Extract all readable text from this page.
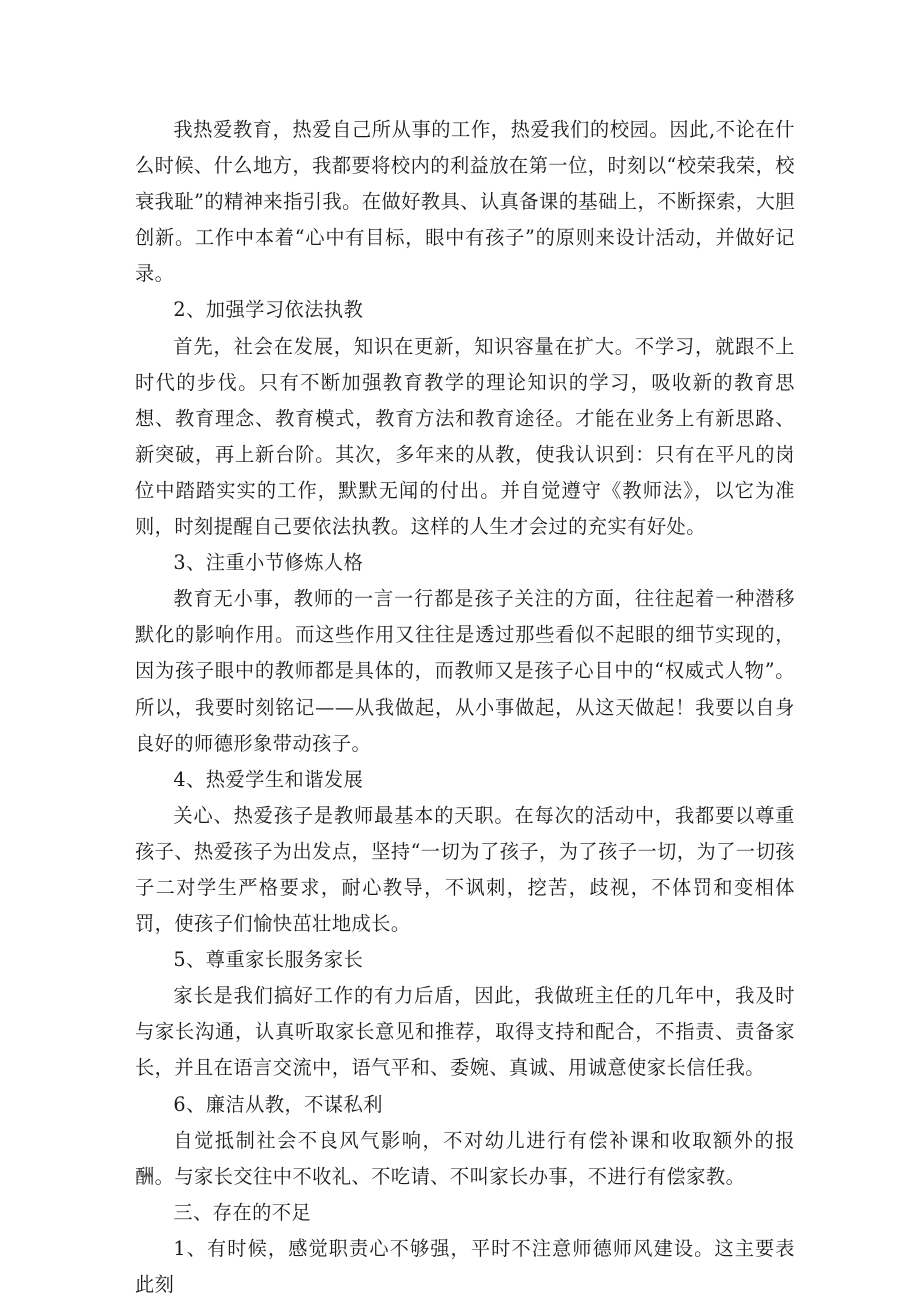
我热爱教育，热爱自己所从事的工作，热爱我们的校园。因此,不论在什么时候、什么地方，我都要将校内的利益放在第一位，时刻以“校荣我荣，校衰我耻”的精神来指引我。在做好教具、认真备课的基础上，不断探索，大胆创新。工作中本着“心中有目标，眼中有孩子”的原则来设计活动，并做好记录。

2、加强学习依法执教

首先，社会在发展，知识在更新，知识容量在扩大。不学习，就跟不上时代的步伐。只有不断加强教育教学的理论知识的学习，吸收新的教育思想、教育理念、教育模式，教育方法和教育途径。才能在业务上有新思路、新突破，再上新台阶。其次，多年来的从教，使我认识到：只有在平凡的岗位中踏踏实实的工作，默默无闻的付出。并自觉遵守《教师法》，以它为准则，时刻提醒自己要依法执教。这样的人生才会过的充实有好处。

3、注重小节修炼人格

教育无小事，教师的一言一行都是孩子关注的方面，往往起着一种潜移默化的影响作用。而这些作用又往往是透过那些看似不起眼的细节实现的，因为孩子眼中的教师都是具体的，而教师又是孩子心目中的“权威式人物”。所以，我要时刻铭记——从我做起，从小事做起，从这天做起！我要以自身良好的师德形象带动孩子。

4、热爱学生和谐发展

关心、热爱孩子是教师最基本的天职。在每次的活动中，我都要以尊重孩子、热爱孩子为出发点，坚持“一切为了孩子，为了孩子一切，为了一切孩子二对学生严格要求，耐心教导，不讽刺，挖苦，歧视，不体罚和变相体罚，使孩子们愉快茁壮地成长。

5、尊重家长服务家长

家长是我们搞好工作的有力后盾，因此，我做班主任的几年中，我及时与家长沟通，认真听取家长意见和推荐，取得支持和配合，不指责、责备家长，并且在语言交流中，语气平和、委婉、真诚、用诚意使家长信任我。

6、廉洁从教，不谋私利

自觉抵制社会不良风气影响，不对幼儿进行有偿补课和收取额外的报酬。与家长交往中不收礼、不吃请、不叫家长办事，不进行有偿家教。

三、存在的不足

1、有时候，感觉职责心不够强，平时不注意师德师风建设。这主要表此刻
